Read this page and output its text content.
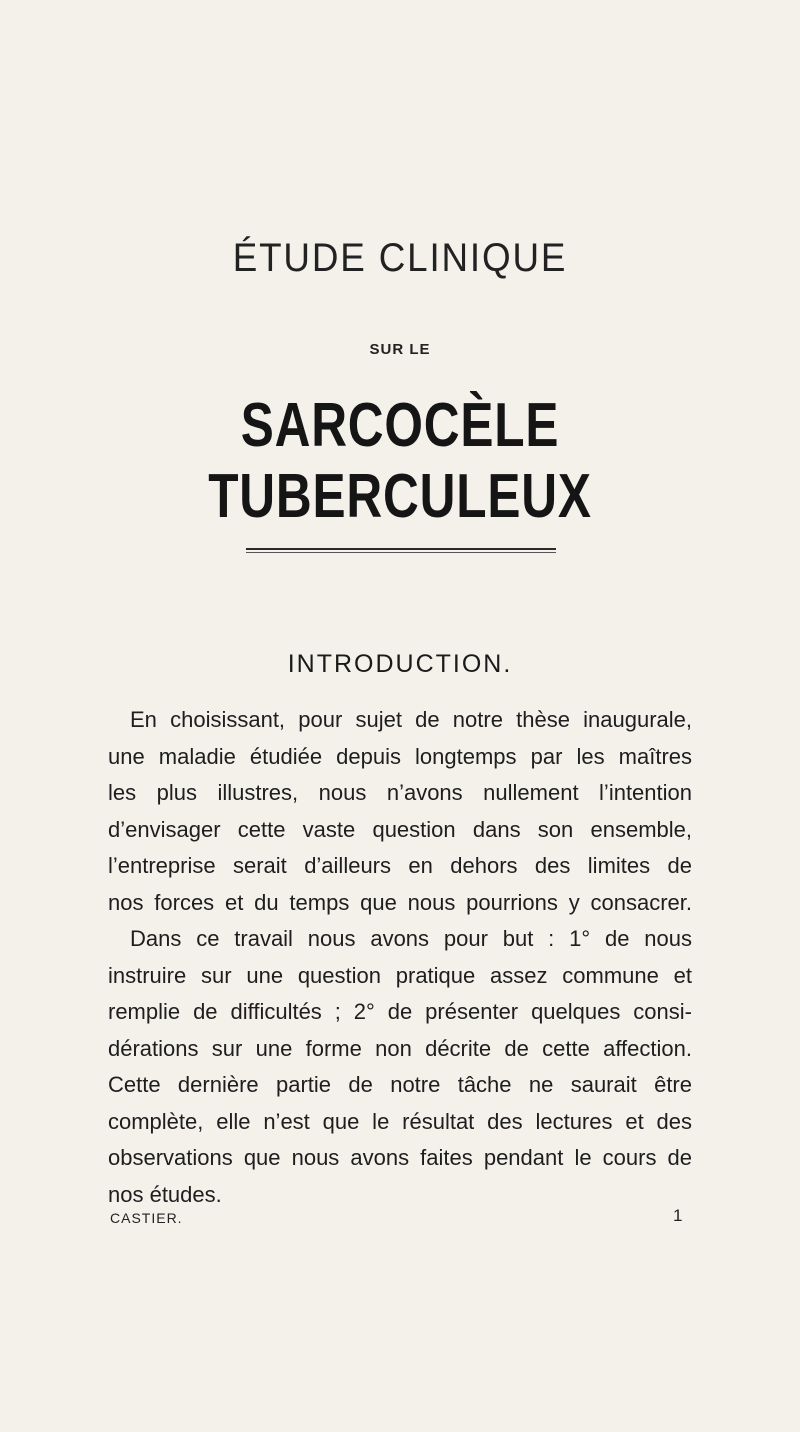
ÉTUDE CLINIQUE
SUR LE
SARCOCÈLE TUBERCULEUX
INTRODUCTION.
En choisissant, pour sujet de notre thèse inaugurale,
une maladie étudiée depuis longtemps par les maîtres
les plus illustres, nous n’avons nullement l’intention
d’envisager cette vaste question dans son ensemble,
l’entreprise serait d’ailleurs en dehors des limites de
nos forces et du temps que nous pourrions y consacrer.
Dans ce travail nous avons pour but : 1° de nous
instruire sur une question pratique assez commune et
remplie de difficultés ; 2° de présenter quelques consi-
dérations sur une forme non décrite de cette affection.
Cette dernière partie de notre tâche ne saurait être
complète, elle n’est que le résultat des lectures et des
observations que nous avons faites pendant le cours de
nos études.
CASTIER.	1
